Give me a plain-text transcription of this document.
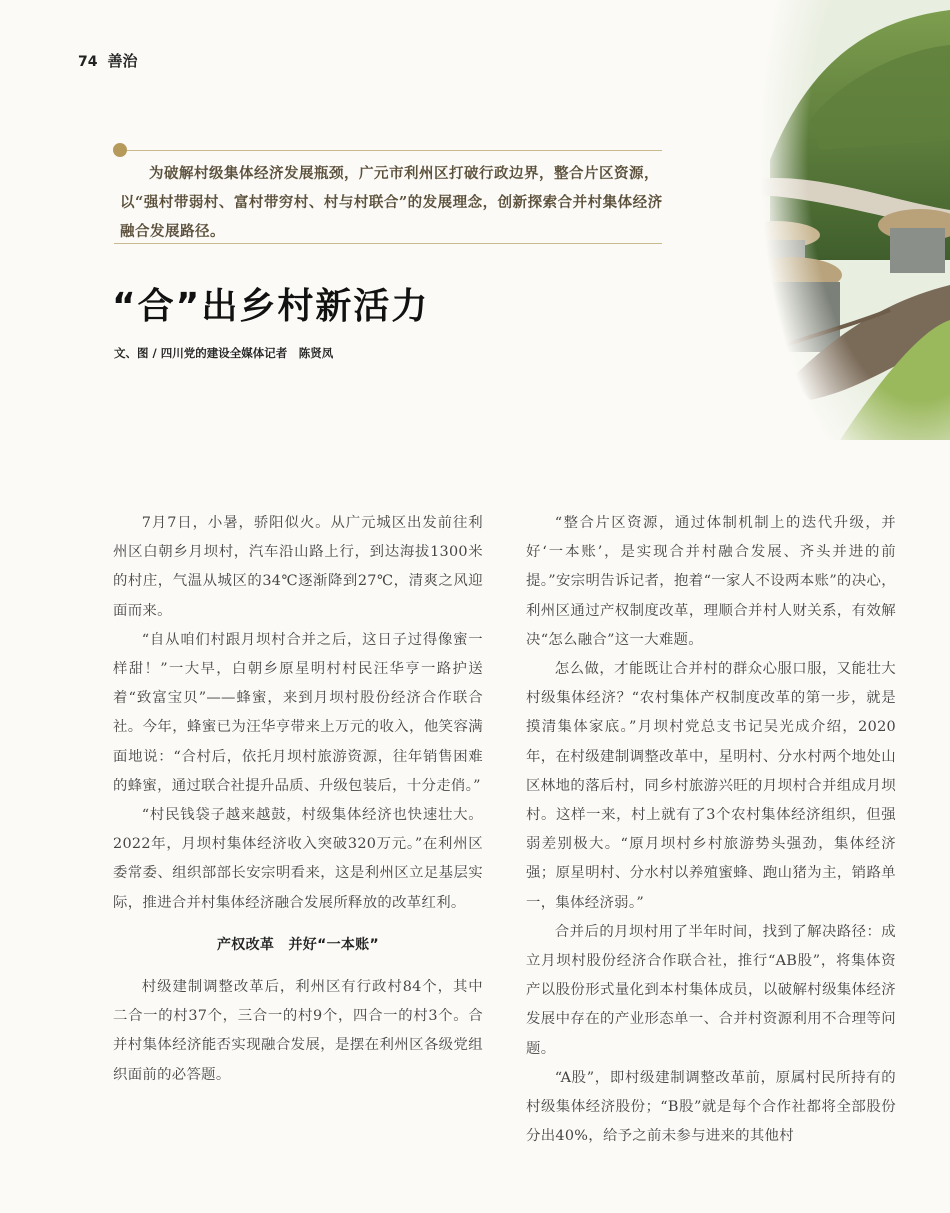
74 善治
为破解村级集体经济发展瓶颈，广元市利州区打破行政边界，整合片区资源，以“强村带弱村、富村带穷村、村与村联合”的发展理念，创新探索合并村集体经济融合发展路径。
“合”出乡村新活力
文、图 / 四川党的建设全媒体记者　陈贤凤

7月7日，小暑，骄阳似火。从广元城区出发前往利州区白朝乡月坝村，汽车沿山路上行，到达海拔1300米的村庄，气温从城区的34℃逐渐降到27℃，清爽之风迎面而来。

“自从咱们村跟月坝村合并之后，这日子过得像蜜一样甜！”一大早，白朝乡原星明村村民汪华亨一路护送着“致富宝贝”——蜂蜜，来到月坝村股份经济合作联合社。今年，蜂蜜已为汪华亨带来上万元的收入，他笑容满面地说：“合村后，依托月坝村旅游资源，往年销售困难的蜂蜜，通过联合社提升品质、升级包装后，十分走俏。”

“村民钱袋子越来越鼓，村级集体经济也快速壮大。2022年，月坝村集体经济收入突破320万元。”在利州区委常委、组织部部长安宗明看来，这是利州区立足基层实际，推进合并村集体经济融合发展所释放的改革红利。

产权改革　并好“一本账”

村级建制调整改革后，利州区有行政村84个，其中二合一的村37个，三合一的村9个，四合一的村3个。合并村集体经济能否实现融合发展，是摆在利州区各级党组织面前的必答题。

“整合片区资源，通过体制机制上的迭代升级，并好‘一本账’，是实现合并村融合发展、齐头并进的前提。”安宗明告诉记者，抱着“一家人不设两本账”的决心，利州区通过产权制度改革，理顺合并村人财关系，有效解决“怎么融合”这一大难题。

怎么做，才能既让合并村的群众心服口服，又能壮大村级集体经济？“农村集体产权制度改革的第一步，就是摸清集体家底。”月坝村党总支书记吴光成介绍，2020年，在村级建制调整改革中，星明村、分水村两个地处山区林地的落后村，同乡村旅游兴旺的月坝村合并组成月坝村。这样一来，村上就有了3个农村集体经济组织，但强弱差别极大。“原月坝村乡村旅游势头强劲，集体经济强；原星明村、分水村以养殖蜜蜂、跑山猪为主，销路单一，集体经济弱。”

合并后的月坝村用了半年时间，找到了解决路径：成立月坝村股份经济合作联合社，推行“AB股”，将集体资产以股份形式量化到本村集体成员，以破解村级集体经济发展中存在的产业形态单一、合并村资源利用不合理等问题。

“A股”，即村级建制调整改革前，原属村民所持有的村级集体经济股份；“B股”就是每个合作社都将全部股份分出40%，给予之前未参与进来的其他村
